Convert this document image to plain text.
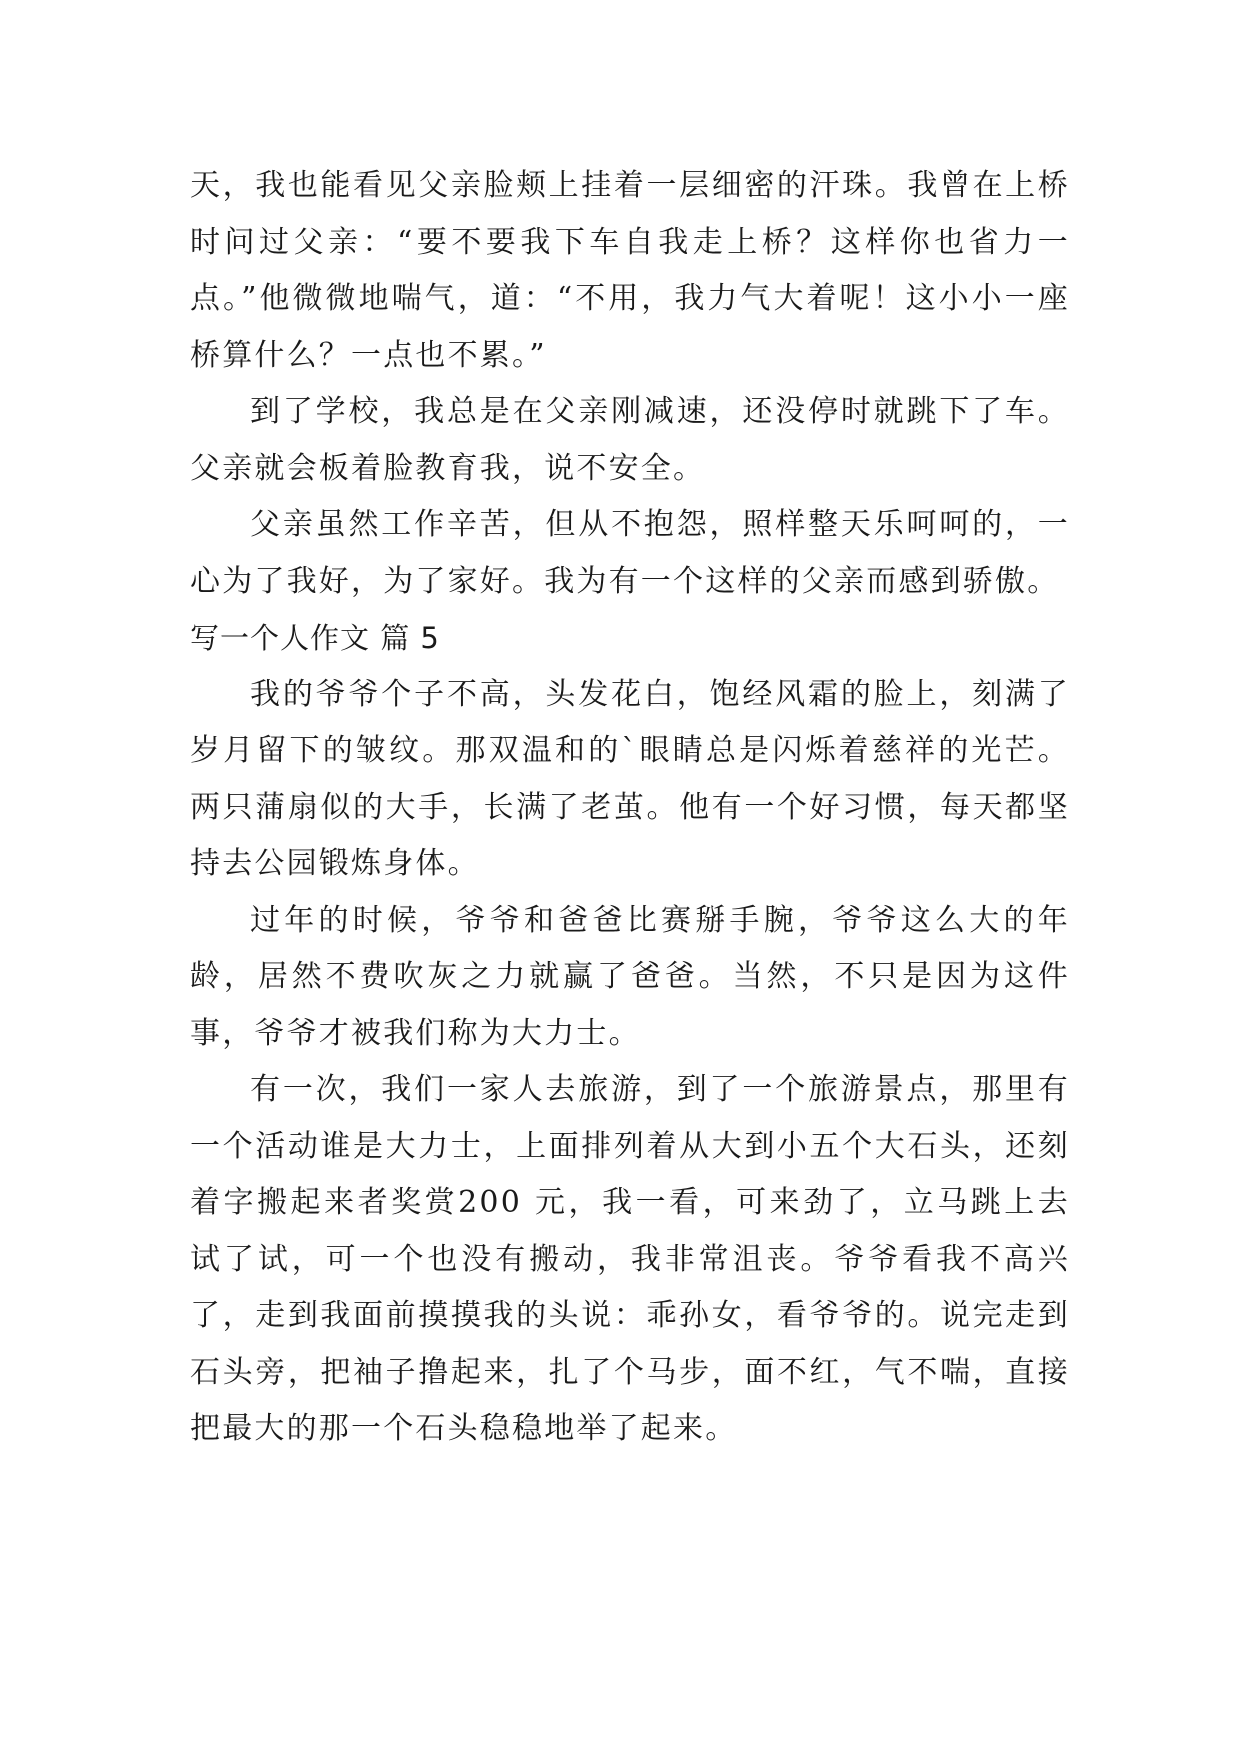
天，我也能看见父亲脸颊上挂着一层细密的汗珠。我曾在上桥时问过父亲：“要不要我下车自我走上桥？这样你也省力一点。”他微微地喘气，道：“不用，我力气大着呢！这小小一座桥算什么？一点也不累。”

到了学校，我总是在父亲刚减速，还没停时就跳下了车。父亲就会板着脸教育我，说不安全。

父亲虽然工作辛苦，但从不抱怨，照样整天乐呵呵的，一心为了我好，为了家好。我为有一个这样的父亲而感到骄傲。

写一个人作文 篇 5

我的爷爷个子不高，头发花白，饱经风霜的脸上，刻满了岁月留下的皱纹。那双温和的`眼睛总是闪烁着慈祥的光芒。两只蒲扇似的大手，长满了老茧。他有一个好习惯，每天都坚持去公园锻炼身体。

过年的时候，爷爷和爸爸比赛掰手腕，爷爷这么大的年龄，居然不费吹灰之力就赢了爸爸。当然，不只是因为这件事，爷爷才被我们称为大力士。

有一次，我们一家人去旅游，到了一个旅游景点，那里有一个活动谁是大力士，上面排列着从大到小五个大石头，还刻着字搬起来者奖赏200 元，我一看，可来劲了，立马跳上去试了试，可一个也没有搬动，我非常沮丧。爷爷看我不高兴了，走到我面前摸摸我的头说：乖孙女，看爷爷的。说完走到石头旁，把袖子撸起来，扎了个马步，面不红，气不喘，直接把最大的那一个石头稳稳地举了起来。
